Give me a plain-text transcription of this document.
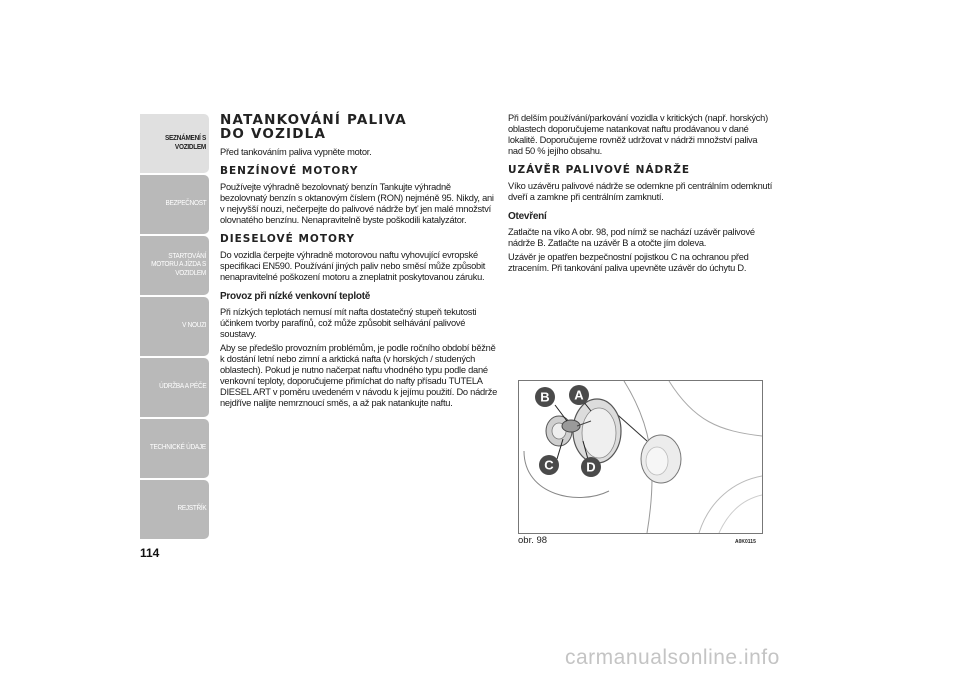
SEZNÁMENÍ S VOZIDLEM
BEZPEČNOST
STARTOVÁNÍ MOTORU A JÍZDA S VOZIDLEM
V NOUZI
ÚDRŽBA A PÉČE
TECHNICKÉ ÚDAJE
REJSTŘÍK
114
NATANKOVÁNÍ PALIVA
DO VOZIDLA

Před tankováním paliva vypněte motor.

BENZÍNOVÉ MOTORY

Používejte výhradně bezolovnatý benzín Tankujte výhradně bezolovnatý benzín s oktanovým číslem (RON) nejméně 95. Nikdy, ani v nejvyšší nouzi, nečerpejte do palivové nádrže byť jen malé množství olovnatého benzínu. Nenapravitelně byste poškodili katalyzátor.

DIESELOVÉ MOTORY

Do vozidla čerpejte výhradně motorovou naftu vyhovující evropské specifikaci EN590. Používání jiných paliv nebo směsí může způsobit nenapravitelné poškození motoru a zneplatnit poskytovanou záruku.

Provoz při nízké venkovní teplotě

Při nízkých teplotách nemusí mít nafta dostatečný stupeň tekutosti účinkem tvorby parafínů, což může způsobit selhávání palivové soustavy.

Aby se předešlo provozním problémům, je podle ročního období běžně k dostání letní nebo zimní a arktická nafta (v horských / studených oblastech). Pokud je nutno načerpat naftu vhodného typu podle dané venkovní teploty, doporučujeme přimíchat do nafty přísadu TUTELA DIESEL ART v poměru uvedeném v návodu k jejímu použití. Do nádrže nejdříve nalijte nemrznoucí směs, a až pak natankujte naftu.

Při delším používání/parkování vozidla v kritických (např. horských) oblastech doporučujeme natankovat naftu prodávanou v dané lokalitě. Doporučujeme rovněž udržovat v nádrži množství paliva nad 50 % jejího obsahu.

UZÁVĚR PALIVOVÉ NÁDRŽE

Víko uzávěru palivové nádrže se odemkne při centrálním odemknutí dveří a zamkne při centrálním zamknutí.

Otevření

Zatlačte na víko A obr. 98, pod nímž se nachází uzávěr palivové nádrže B. Zatlačte na uzávěr B a otočte jím doleva.

Uzávěr je opatřen bezpečnostní pojistkou C na ochranou před ztracením. Při tankování paliva upevněte uzávěr do úchytu D.

B A
C	D
obr. 98	A0K0115
carmanualsonline.info
